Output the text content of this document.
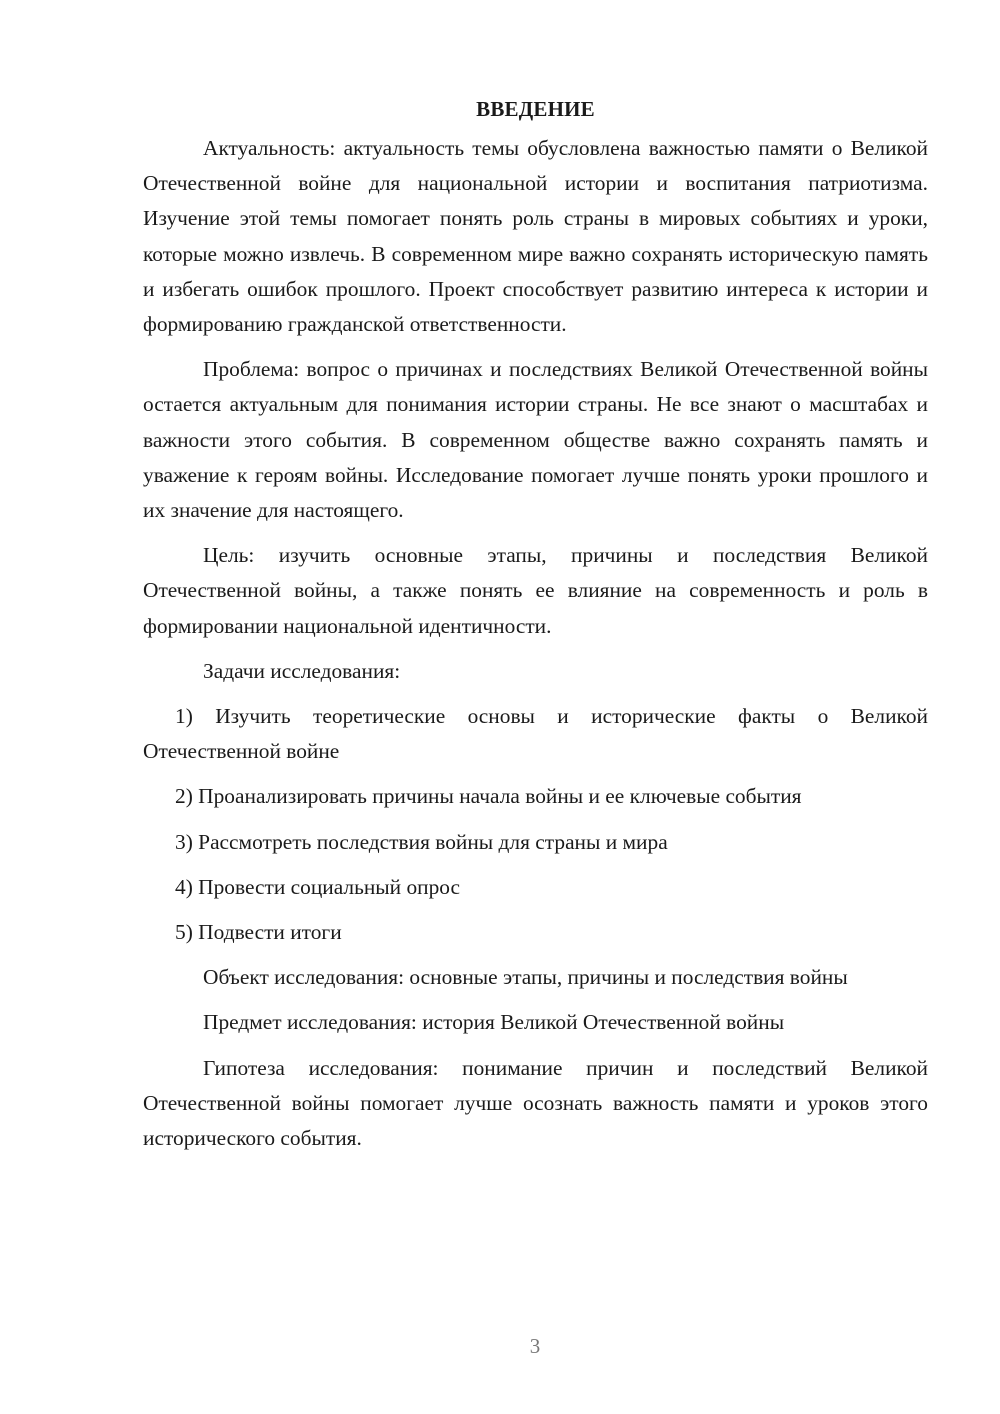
ВВЕДЕНИЕ

Актуальность: актуальность темы обусловлена важностью памяти о Великой Отечественной войне для национальной истории и воспитания патриотизма. Изучение этой темы помогает понять роль страны в мировых событиях и уроки, которые можно извлечь. В современном мире важно сохранять историческую память и избегать ошибок прошлого. Проект способствует развитию интереса к истории и формированию гражданской ответственности.

Проблема: вопрос о причинах и последствиях Великой Отечественной войны остается актуальным для понимания истории страны. Не все знают о масштабах и важности этого события. В современном обществе важно сохранять память и уважение к героям войны. Исследование помогает лучше понять уроки прошлого и их значение для настоящего.

Цель: изучить основные этапы, причины и последствия Великой Отечественной войны, а также понять ее влияние на современность и роль в формировании национальной идентичности.

Задачи исследования:

1) Изучить теоретические основы и исторические факты о Великой Отечественной войне

2) Проанализировать причины начала войны и ее ключевые события

3) Рассмотреть последствия войны для страны и мира

4) Провести социальный опрос

5) Подвести итоги

Объект исследования: основные этапы, причины и последствия войны

Предмет исследования: история Великой Отечественной войны

Гипотеза исследования: понимание причин и последствий Великой Отечественной войны помогает лучше осознать важность памяти и уроков этого исторического события.

3
